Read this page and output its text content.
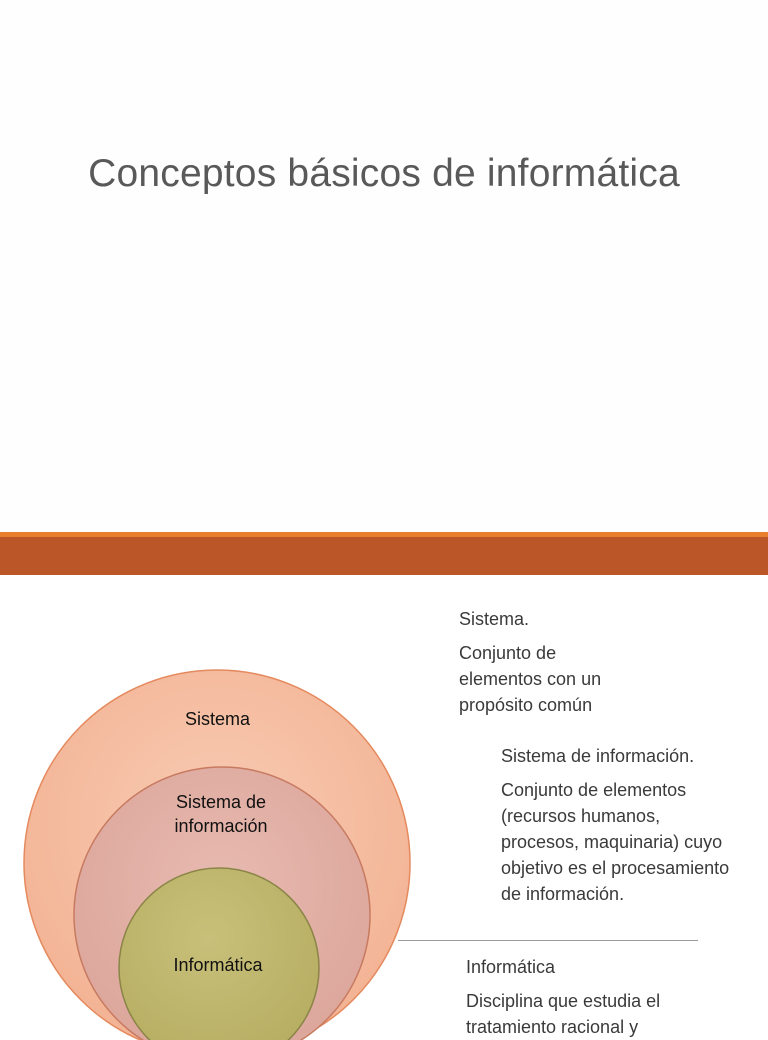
Conceptos básicos de informática
Sistema
Sistema de
información
Informática

Sistema.

Conjunto de

elementos con un

propósito común

Sistema de información.

Conjunto de elementos

(recursos humanos,

procesos, maquinaria) cuyo

objetivo es el procesamiento

de información.

Informática

Disciplina que estudia el

tratamiento racional y
